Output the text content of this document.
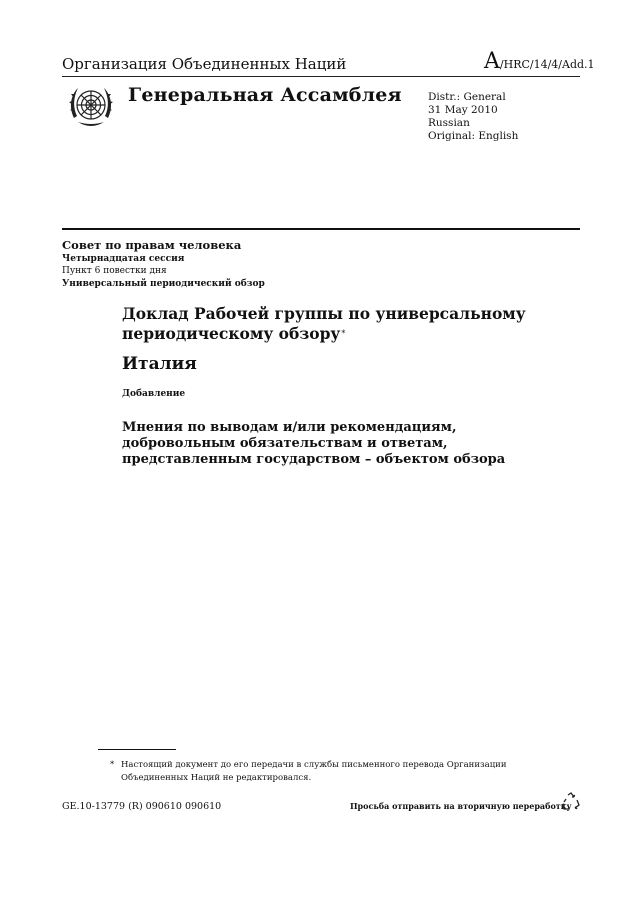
Организация Объединенных Наций	A/HRC/14/4/Add.1
Генеральная Ассамблея Distr.: General
31 May 2010
Russian
Original: English
Совет по правам человека
Четырнадцатая сессия
Пункт 6 повестки дня
Универсальный периодический обзор
Доклад Рабочей группы по универсальному
периодическому обзору*
Италия
Добавление
Мнения по выводам и/или рекомендациям,
добровольным обязательствам и ответам,
представленным государством – объектом обзора
* Настоящий документ до его передачи в службы письменного перевода Организации Объединенных Наций не редактировался.
GE.10-13779 (R) 090610 090610	Просьба отправить на вторичную переработку
